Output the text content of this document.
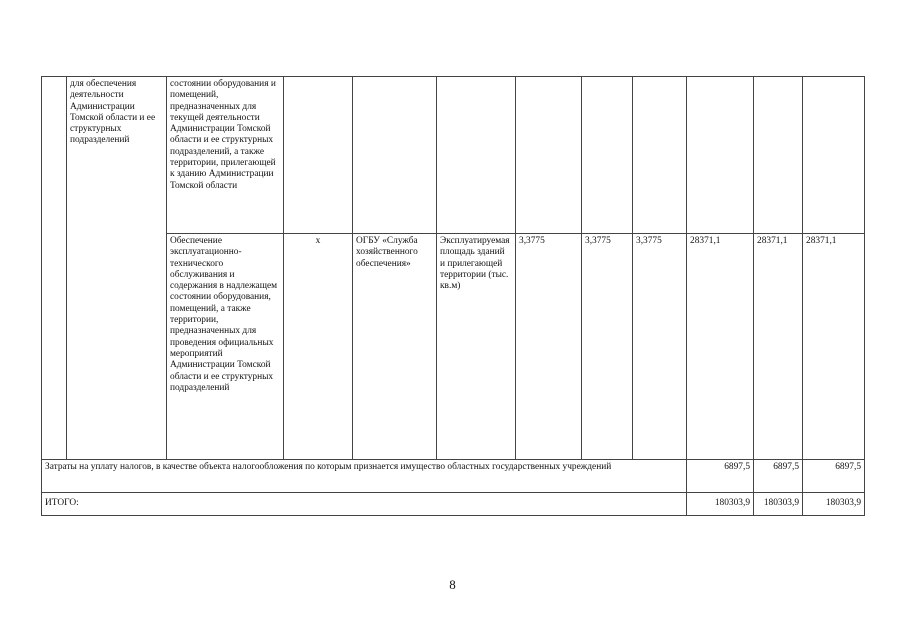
	для обеспечения деятельности Администрации Томской области и ее структурных подразделений	состоянии оборудования и помещений, предназначенных для текущей деятельности Администрации Томской области и ее структурных подразделений, а также территории, прилегающей к зданию Администрации Томской области									

		Обеспечение эксплуатационно-технического обслуживания и содержания в надлежащем состоянии оборудования, помещений, а также территории, предназначенных для проведения официальных мероприятий Администрации Томской области и ее структурных подразделений	x	ОГБУ «Служба хозяйственного обеспечения»	Эксплуатируемая площадь зданий и прилегающей территории (тыс. кв.м)	3,3775	3,3775	3,3775	28371,1	28371,1	28371,1
Затраты на уплату налогов, в качестве объекта налогообложения по которым признается имущество областных государственных учреждений									6897,5	6897,5	6897,5
ИТОГО:									180303,9	180303,9	180303,9
8
